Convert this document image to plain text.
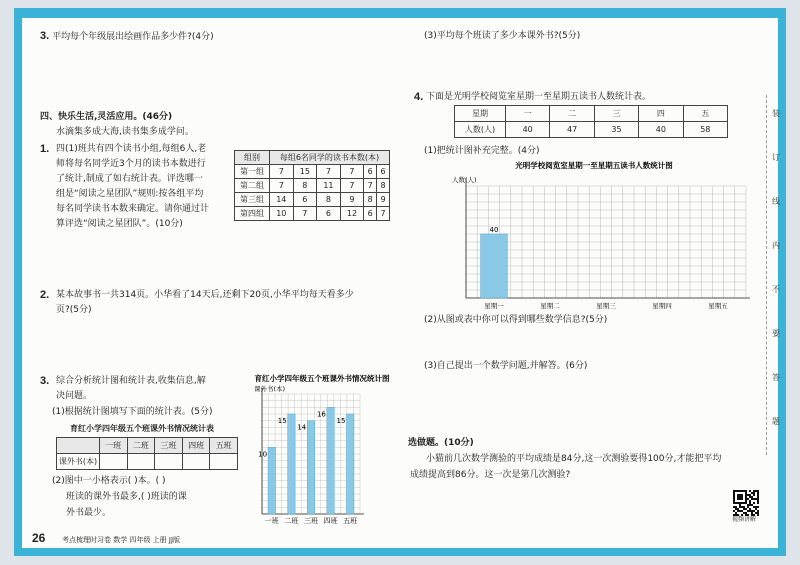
3. 平均每个年级展出绘画作品多少件?(4分)
四、快乐生活,灵活应用。(46分)
水滴集多成大海,读书集多成学问。
1. 四(1)班共有四个读书小组,每组6人,老
师将每名同学近3个月的读书本数进行
了统计,制成了如右统计表。评选哪一
组是“阅读之星团队”规则:按各组平均
每名同学读书本数来确定。请你通过计
算评选“阅读之星团队”。(10分)
组别	每组6名同学的读书本数(本)					
第一组	7	15	7	7	6	6
第二组	7	8	11	7	7	8
第三组	14	6	8	9	8	9
第四组	10	7	6	12	6	7
2. 某本故事书一共314页。小华看了14天后,还剩下20页,小华平均每天看多少
页?(5分)
3. 综合分析统计图和统计表,收集信息,解
决问题。
(1)根据统计图填写下面的统计表。(5分)
育红小学四年级五个班课外书情况统计表
	一班	二班	三班	四班	五班
课外书(本)					
(2)图中一小格表示( )本。( )
班读的课外书最多,( )班读的课
外书最少。
育红小学四年级五个班课外书情况统计图
课外书(本)
10
一班
15
二班
14
三班
16
四班
15
五班
(3)平均每个班读了多少本课外书?(5分)
4. 下面是光明学校阅览室星期一至星期五读书人数统计表。
星期	一	二	三	四	五
人数(人)	40	47	35	40	58
(1)把统计图补充完整。(4分)
光明学校阅览室星期一至星期五读书人数统计图
人数(人)
星期一
40
星期二	星期三	星期四	星期五
(2)从图或表中你可以得到哪些数学信息?(5分)
(3)自己提出一个数学问题,并解答。(6分)
选做题。(10分)
小猫前几次数学测验的平均成绩是84分,这一次测验要得100分,才能把平均
成绩提高到86分。这一次是第几次测验?
视频讲解
装
订
线
内
不
要
答
题
26 考点梳理时习卷 数学 四年级 上册 JJ版
